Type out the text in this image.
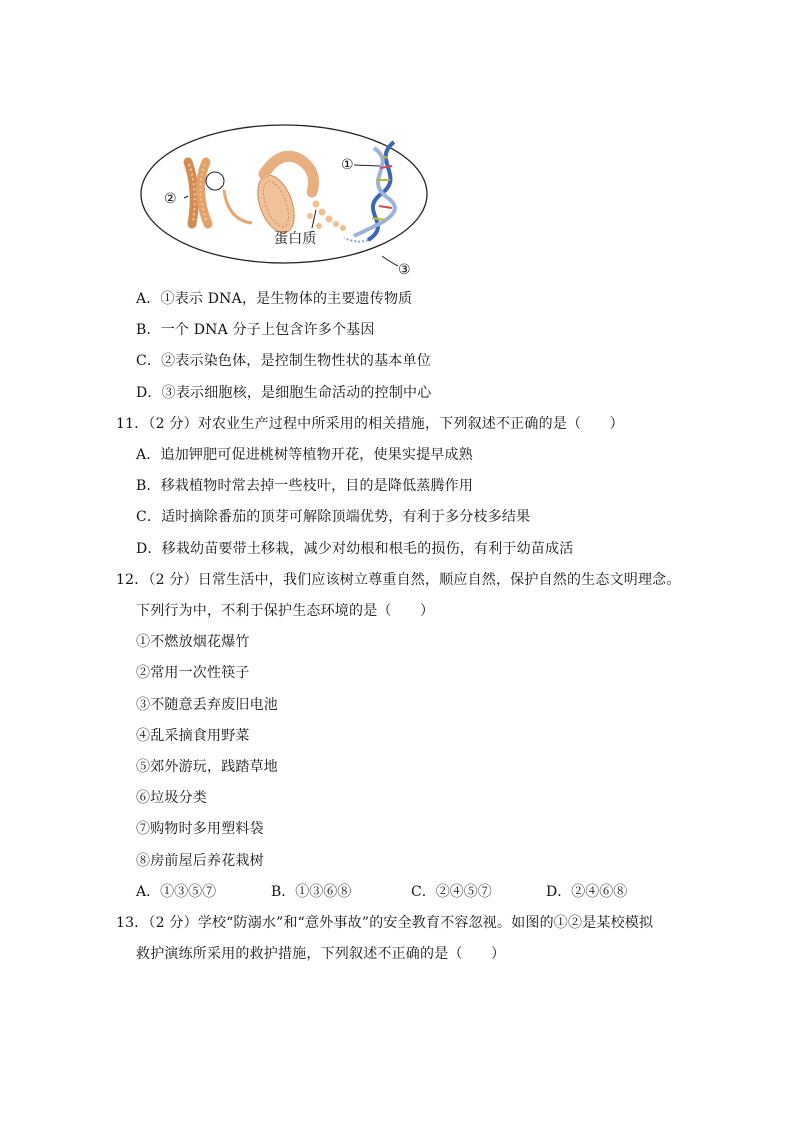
①
②
③
蛋白质
A．①表示 DNA，是生物体的主要遗传物质
B．一个 DNA 分子上包含许多个基因
C．②表示染色体，是控制生物性状的基本单位
D．③表示细胞核，是细胞生命活动的控制中心
11．（2 分）对农业生产过程中所采用的相关措施，下列叙述不正确的是（　　）
A．追加钾肥可促进桃树等植物开花，使果实提早成熟
B．移栽植物时常去掉一些枝叶，目的是降低蒸腾作用
C．适时摘除番茄的顶芽可解除顶端优势，有利于多分枝多结果
D．移栽幼苗要带土移栽，减少对幼根和根毛的损伤，有利于幼苗成活
12．（2 分）日常生活中，我们应该树立尊重自然，顺应自然，保护自然的生态文明理念。
下列行为中，不利于保护生态环境的是（　　）
①不燃放烟花爆竹
②常用一次性筷子
③不随意丢弃废旧电池
④乱采摘食用野菜
⑤郊外游玩，践踏草地
⑥垃圾分类
⑦购物时多用塑料袋
⑧房前屋后养花栽树
A．①③⑤⑦	B．①③⑥⑧	C．②④⑤⑦	D．②④⑥⑧
13．（2 分）学校“防溺水”和“意外事故”的安全教育不容忽视。如图的①②是某校模拟
救护演练所采用的救护措施，下列叙述不正确的是（　　）
